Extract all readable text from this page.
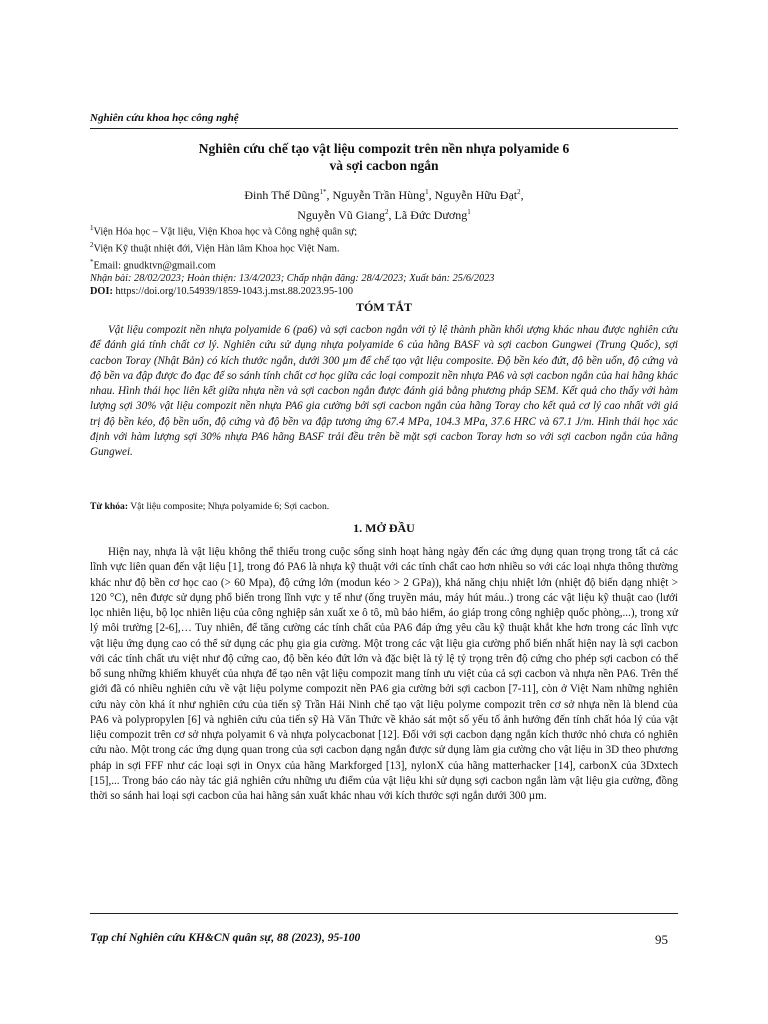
Nghiên cứu khoa học công nghệ
Nghiên cứu chế tạo vật liệu compozit trên nền nhựa polyamide 6
và sợi cacbon ngắn
Đinh Thế Dũng$^{1*}$, Nguyễn Trần Hùng$^1$, Nguyễn Hữu Đạt$^2$,
Nguyễn Vũ Giang$^2$, Lã Đức Dương$^1$
$^1$Viện Hóa học – Vật liệu, Viện Khoa học và Công nghệ quân sự;
$^2$Viện Kỹ thuật nhiệt đới, Viện Hàn lâm Khoa học Việt Nam.
*Email: gnudktvn@gmail.com
Nhận bài: 28/02/2023; Hoàn thiện: 13/4/2023; Chấp nhận đăng: 28/4/2023; Xuất bản: 25/6/2023
DOI: https://doi.org/10.54939/1859-1043.j.mst.88.2023.95-100
TÓM TẮT
Vật liệu compozit nền nhựa polyamide 6 (pa6) và sợi cacbon ngắn với tỷ lệ thành phần khối ượng khác nhau được nghiên cứu để đánh giá tính chất cơ lý. Nghiên cứu sử dụng nhựa polyamide 6 của hãng BASF và sợi cacbon Gungwei (Trung Quốc), sợi cacbon Toray (Nhật Bản) có kích thước ngắn, dưới 300 µm để chế tạo vật liệu composite. Độ bền kéo đứt, độ bền uốn, độ cứng và độ bền va đập được đo đạc để so sánh tính chất cơ học giữa các loại compozit nền nhựa PA6 và sợi cacbon ngắn của hai hãng khác nhau. Hình thái học liên kết giữa nhựa nền và sợi cacbon ngắn được đánh giá bằng phương pháp SEM. Kết quả cho thấy với hàm lượng sợi 30% vật liệu compozit nền nhựa PA6 gia cường bởi sợi cacbon ngắn của hãng Toray cho kết quả cơ lý cao nhất với giá trị độ bền kéo, độ bền uốn, độ cứng và độ bền va đập tương ứng 67.4 MPa, 104.3 MPa, 37.6 HRC và 67.1 J/m. Hình thái học xác định với hàm lượng sợi 30% nhựa PA6 hãng BASF trải đều trên bề mặt sợi cacbon Toray hơn so với sợi cacbon ngắn của hãng Gungwei.
Từ khóa: Vật liệu composite; Nhựa polyamide 6; Sợi cacbon.
1. MỞ ĐẦU
Hiện nay, nhựa là vật liệu không thể thiếu trong cuộc sống sinh hoạt hàng ngày đến các ứng dụng quan trọng trong tất cả các lĩnh vực liên quan đến vật liệu [1], trong đó PA6 là nhựa kỹ thuật với các tính chất cao hơn nhiều so với các loại nhựa thông thường khác như độ bền cơ học cao (> 60 Mpa), độ cứng lớn (modun kéo > 2 GPa)), khả năng chịu nhiệt lớn (nhiệt độ biến dạng nhiệt > 120 °C), nên được sử dụng phổ biến trong lĩnh vực y tế như (ống truyền máu, máy hút máu..) trong các vật liệu kỹ thuật cao (lưới lọc nhiên liệu, bộ lọc nhiên liệu của công nghiệp sản xuất xe ô tô, mũ bảo hiểm, áo giáp trong công nghiệp quốc phòng,...), trong xử lý môi trường [2-6],… Tuy nhiên, để tăng cường các tính chất của PA6 đáp ứng yêu cầu kỹ thuật khắt khe hơn trong các lĩnh vực vật liệu ứng dụng cao có thể sử dụng các phụ gia gia cường. Một trong các vật liệu gia cường phổ biến nhất hiện nay là sợi cacbon với các tính chất ưu việt như độ cứng cao, độ bền kéo đứt lớn và đặc biệt là tỷ lệ tỷ trọng trên độ cứng cho phép sợi cacbon có thể bổ sung những khiếm khuyết của nhựa để tạo nên vật liệu compozit mang tính ưu việt của cả sợi cacbon và nhựa nền PA6. Trên thế giới đã có nhiều nghiên cứu về vật liệu polyme compozit nền PA6 gia cường bởi sợi cacbon [7-11], còn ở Việt Nam những nghiên cứu này còn khá ít như nghiên cứu của tiến sỹ Trần Hải Ninh chế tạo vật liệu polyme compozit trên cơ sở nhựa nền là blend của PA6 và polypropylen [6] và nghiên cứu của tiến sỹ Hà Văn Thức về khảo sát một số yếu tố ảnh hưởng đến tính chất hóa lý của vật liệu compozit trên cơ sở nhựa polyamit 6 và nhựa polycacbonat [12]. Đối với sợi cacbon dạng ngắn kích thước nhỏ chưa có nghiên cứu nào. Một trong các ứng dụng quan trong của sợi cacbon dạng ngắn được sử dụng làm gia cường cho vật liệu in 3D theo phương pháp in sợi FFF như các loại sợi in Onyx của hãng Markforged [13], nylonX của hãng matterhacker [14], carbonX của 3Dxtech [15],... Trong báo cáo này tác giả nghiên cứu những ưu điểm của vật liệu khi sử dụng sợi cacbon ngắn làm vật liệu gia cường, đồng thời so sánh hai loại sợi cacbon của hai hãng sản xuất khác nhau với kích thước sợi ngắn dưới 300 µm.
Tạp chí Nghiên cứu KH&CN quân sự, 88 (2023), 95-100	95
